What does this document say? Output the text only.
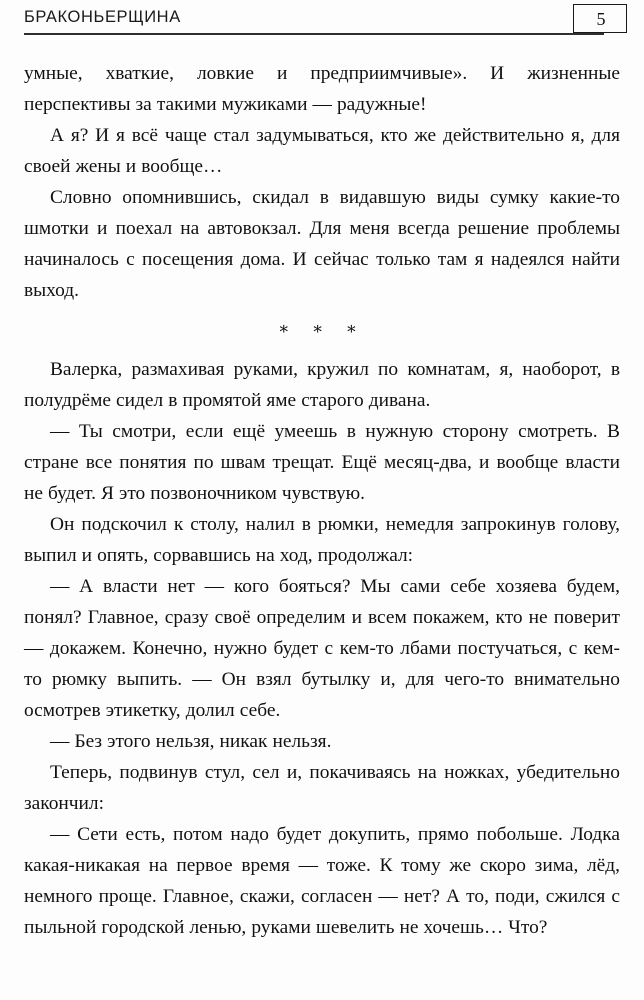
БРАКОНЬЕРЩИНА	5

умные, хваткие, ловкие и предприимчивые». И жизненные перспективы за такими мужиками — радужные!

А я? И я всё чаще стал задумываться, кто же действительно я, для своей жены и вообще…

Словно опомнившись, скидал в видавшую виды сумку какие-то шмотки и поехал на автовокзал. Для меня всегда решение проблемы начиналось с посещения дома. И сейчас только там я надеялся найти выход.

∗ ∗ ∗

Валерка, размахивая руками, кружил по комнатам, я, наоборот, в полудрёме сидел в промятой яме старого дивана.

— Ты смотри, если ещё умеешь в нужную сторону смотреть. В стране все понятия по швам трещат. Ещё месяц-два, и вообще власти не будет. Я это позвоночником чувствую.

Он подскочил к столу, налил в рюмки, немедля запрокинув голову, выпил и опять, сорвавшись на ход, продолжал:

— А власти нет — кого бояться? Мы сами себе хозяева будем, понял? Главное, сразу своё определим и всем покажем, кто не поверит — докажем. Конечно, нужно будет с кем-то лбами постучаться, с кем-то рюмку выпить. — Он взял бутылку и, для чего-то внимательно осмотрев этикетку, долил себе.

— Без этого нельзя, никак нельзя.

Теперь, подвинув стул, сел и, покачиваясь на ножках, убедительно закончил:

— Сети есть, потом надо будет докупить, прямо побольше. Лодка какая-никакая на первое время — тоже. К тому же скоро зима, лёд, немного проще. Главное, скажи, согласен — нет? А то, поди, сжился с пыльной городской ленью, руками шевелить не хочешь… Что?
